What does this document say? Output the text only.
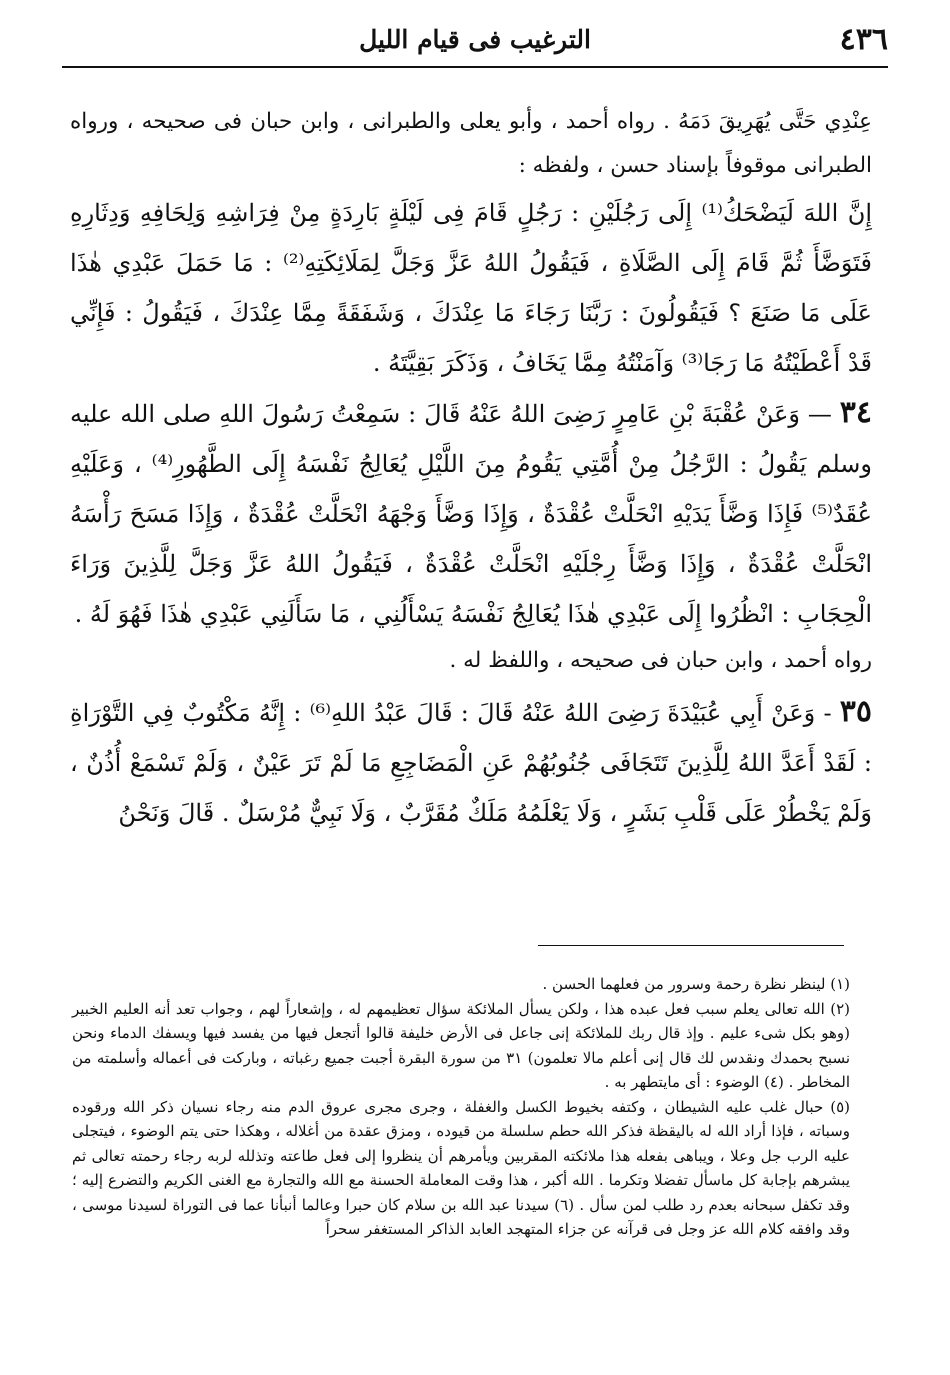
٤٣٦
الترغيب فى قيام الليل

عِنْدِي حَتَّى يُهَرِيقَ دَمَهُ . رواه أحمد ، وأبو يعلى والطبرانى ، وابن حبان فى صحيحه ، ورواه الطبرانى موقوفاً بإسناد حسن ، ولفظه :

إِنَّ اللهَ لَيَضْحَكُ⁽¹⁾ إِلَى رَجُلَيْنِ : رَجُلٍ قَامَ فِى لَيْلَةٍ بَارِدَةٍ مِنْ فِرَاشِهِ وَلِحَافِهِ وَدِثَارِهِ فَتَوَضَّأَ ثُمَّ قَامَ إِلَى الصَّلَاةِ ، فَيَقُولُ اللهُ عَزَّ وَجَلَّ لِمَلَائِكَتِهِ⁽²⁾ : مَا حَمَلَ عَبْدِي هٰذَا عَلَى مَا صَنَعَ ؟ فَيَقُولُونَ : رَبَّنَا رَجَاءَ مَا عِنْدَكَ ، وَشَفَقَةً مِمَّا عِنْدَكَ ، فَيَقُولُ : فَإِنِّي قَدْ أَعْطَيْتُهُ مَا رَجَا⁽³⁾ وَآمَنْتُهُ مِمَّا يَخَافُ ، وَذَكَرَ بَقِيَّتَهُ .

٣٤ — وَعَنْ عُقْبَةَ بْنِ عَامِرٍ رَضِىَ اللهُ عَنْهُ قَالَ : سَمِعْتُ رَسُولَ اللهِ صلى الله عليه وسلم يَقُولُ : الرَّجُلُ مِنْ أُمَّتِي يَقُومُ مِنَ اللَّيْلِ يُعَالِجُ نَفْسَهُ إِلَى الطَّهُورِ⁽⁴⁾ ، وَعَلَيْهِ عُقَدٌ⁽⁵⁾ فَإِذَا وَضَّأَ يَدَيْهِ انْحَلَّتْ عُقْدَةٌ ، وَإِذَا وَضَّأَ وَجْهَهُ انْحَلَّتْ عُقْدَةٌ ، وَإِذَا مَسَحَ رَأْسَهُ انْحَلَّتْ عُقْدَةٌ ، وَإِذَا وَضَّأَ رِجْلَيْهِ انْحَلَّتْ عُقْدَةٌ ، فَيَقُولُ اللهُ عَزَّ وَجَلَّ لِلَّذِينَ وَرَاءَ الْحِجَابِ : انْظُرُوا إِلَى عَبْدِي هٰذَا يُعَالِجُ نَفْسَهُ يَسْأَلُنِي ، مَا سَأَلَنِي عَبْدِي هٰذَا فَهُوَ لَهُ .

رواه أحمد ، وابن حبان فى صحيحه ، واللفظ له .

٣٥ - وَعَنْ أَبِي عُبَيْدَةَ رَضِىَ اللهُ عَنْهُ قَالَ : قَالَ عَبْدُ اللهِ⁽⁶⁾ : إِنَّهُ مَكْتُوبٌ فِي التَّوْرَاةِ : لَقَدْ أَعَدَّ اللهُ لِلَّذِينَ تَتَجَافَى جُنُوبُهُمْ عَنِ الْمَضَاجِعِ مَا لَمْ تَرَ عَيْنٌ ، وَلَمْ تَسْمَعْ أُذُنٌ ، وَلَمْ يَخْطُرْ عَلَى قَلْبِ بَشَرٍ ، وَلَا يَعْلَمُهُ مَلَكٌ مُقَرَّبٌ ، وَلَا نَبِيٌّ مُرْسَلٌ . قَالَ وَنَحْنُ

(١) لينظر نظرة رحمة وسرور من فعلهما الحسن .

(٢) الله تعالى يعلم سبب فعل عبده هذا ، ولكن يسأل الملائكة سؤال تعظيمهم له ، وإشعاراً لهم ، وجواب تعد أنه العليم الخبير (وهو بكل شىء عليم . وإذ قال ربك للملائكة إنى جاعل فى الأرض خليفة قالوا أتجعل فيها من يفسد فيها ويسفك الدماء ونحن نسبح بحمدك ونقدس لك قال إنى أعلم مالا تعلمون) ٣١ من سورة البقرة أجبت جميع رغباته ، وباركت فى أعماله وأسلمته من المخاطر . (٤) الوضوء : أى مايتطهر به .

(٥) حبال غلب عليه الشيطان ، وكتفه بخيوط الكسل والغفلة ، وجرى مجرى عروق الدم منه رجاء نسيان ذكر الله ورقوده وسباته ، فإذا أراد الله له باليقظة فذكر الله حطم سلسلة من قيوده ، ومزق عقدة من أغلاله ، وهكذا حتى يتم الوضوء ، فيتجلى عليه الرب جل وعلا ، ويباهى بفعله هذا ملائكته المقربين ويأمرهم أن ينظروا إلى فعل طاعته وتذلله لربه رجاء رحمته تعالى ثم يبشرهم بإجابة كل ماسأل تفضلا وتكرما . الله أكبر ، هذا وقت المعاملة الحسنة مع الله والتجارة مع الغنى الكريم والتضرع إليه ؛ وقد تكفل سبحانه بعدم رد طلب لمن سأل . (٦) سيدنا عبد الله بن سلام كان حبرا وعالما أنبأنا عما فى التوراة لسيدنا موسى ، وقد وافقه كلام الله عز وجل فى قرآنه عن جزاء المتهجد العابد الذاكر المستغفر سحراً
